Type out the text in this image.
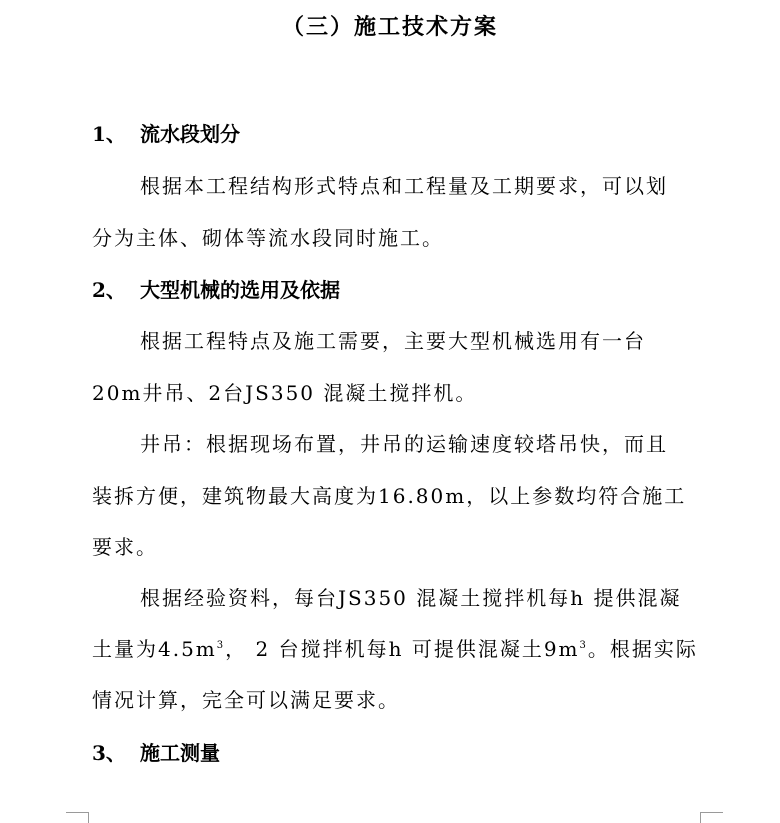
（三）施工技术方案
1、 流水段划分
根据本工程结构形式特点和工程量及工期要求，可以划
分为主体、砌体等流水段同时施工。
2、 大型机械的选用及依据
根据工程特点及施工需要，主要大型机械选用有一台
20m井吊、2台JS350 混凝土搅拌机。
井吊：根据现场布置，井吊的运输速度较塔吊快，而且
装拆方便，建筑物最大高度为16.80m，以上参数均符合施工
要求。
根据经验资料，每台JS350 混凝土搅拌机每h 提供混凝
土量为$4.5m^3$， 2 台搅拌机每h 可提供混凝土$9m^3$。根据实际
情况计算，完全可以满足要求。
3、 施工测量
